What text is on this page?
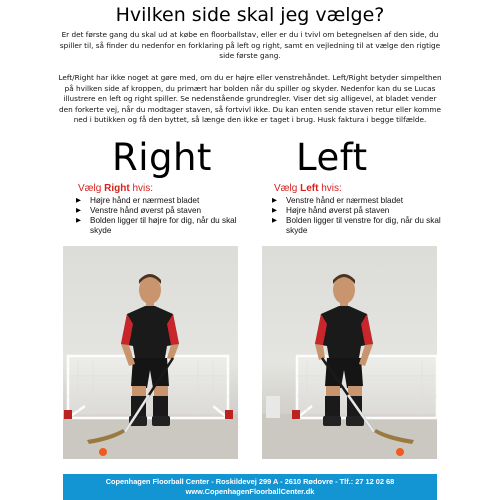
Hvilken side skal jeg vælge?

Er det første gang du skal ud at købe en floorballstav, eller er du i tvivl om betegnelsen af den side, du spiller til, så finder du nedenfor en forklaring på left og right, samt en vejledning til at vælge den rigtige side første gang.

Left/Right har ikke noget at gøre med, om du er højre eller venstrehåndet. Left/Right betyder simpelthen på hvilken side af kroppen, du primært har bolden når du spiller og skyder. Nedenfor kan du se Lucas illustrere en left og right spiller. Se nedenstående grundregler. Viser det sig alligevel, at bladet vender den forkerte vej, når du modtager staven, så fortvivl ikke. Du kan enten sende staven retur eller komme ned i butikken og få den byttet, så længe den ikke er taget i brug. Husk faktura i begge tilfælde.

Right Left
Vælg Right hvis:	Vælg Left hvis:
▶ Højre hånd er nærmest bladet
▶ Venstre hånd øverst på staven
▶ Bolden ligger til højre for dig, når du skal skyde
▶ Venstre hånd er nærmest bladet
▶ Højre hånd øverst på staven
▶ Bolden ligger til venstre for dig, når du skal skyde
Copenhagen Floorball Center - Roskildevej 299 A - 2610 Rødovre - Tlf.: 27 12 02 68
www.CopenhagenFloorballCenter.dk
